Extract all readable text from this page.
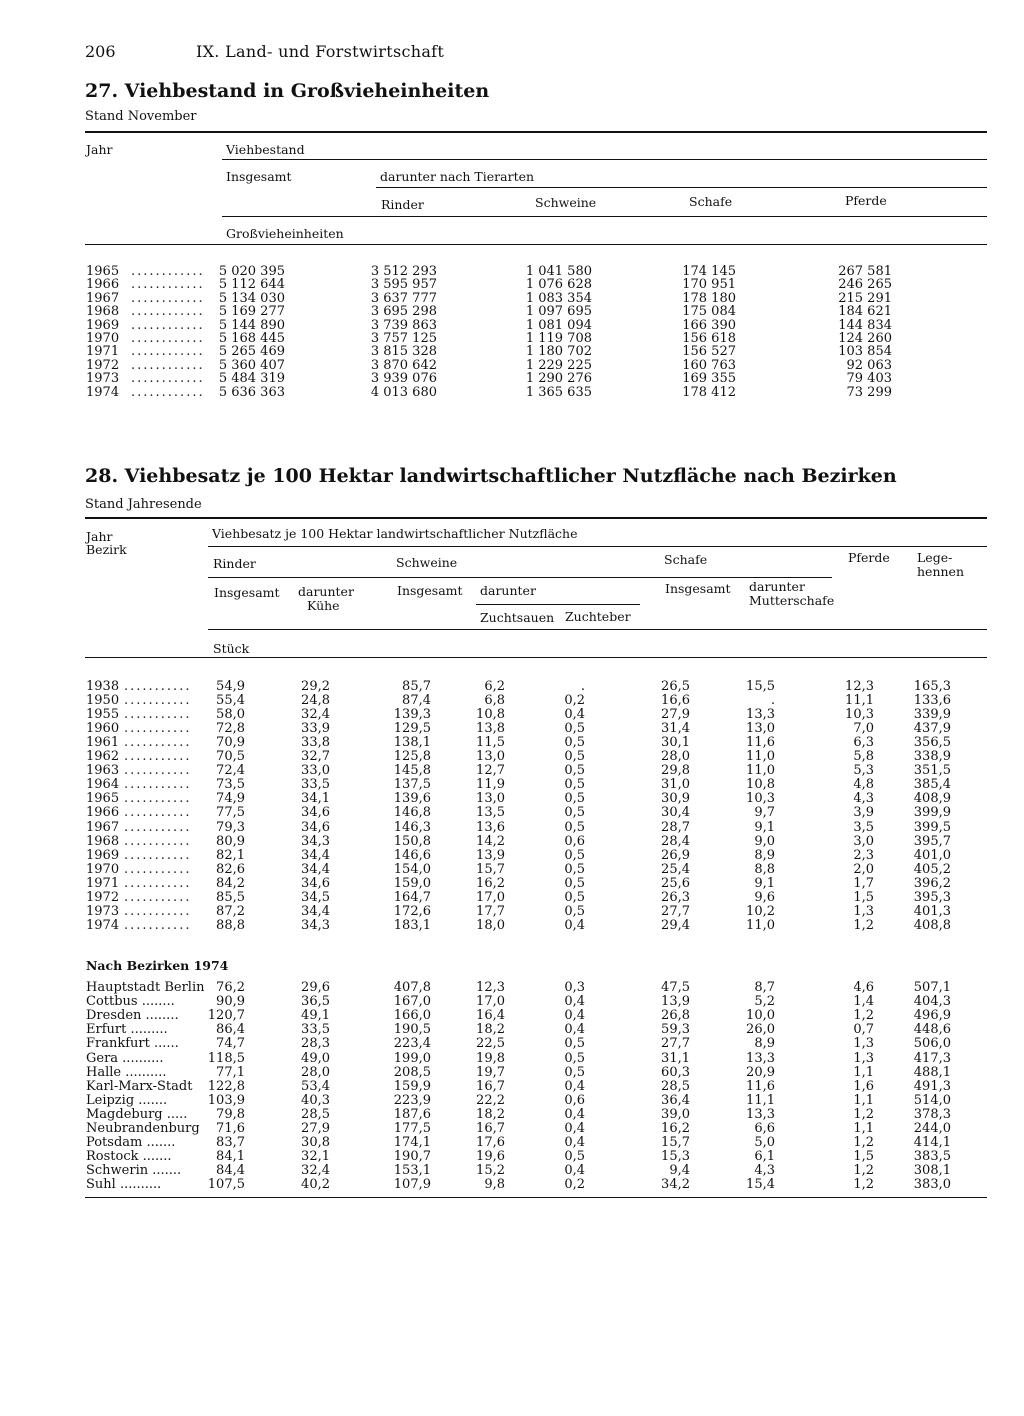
206	IX. Land- und Forstwirtschaft
27. Viehbestand in Großvieheinheiten
Stand November
Jahr	Viehbestand
Insgesamt	darunter nach Tierarten
Rinder	Schweine	Schafe	Pferde
Großvieheinheiten
1965 ............ 5 020 395	3 512 293	1 041 580	174 145	267 581
1966 ............ 5 112 644	3 595 957	1 076 628	170 951	246 265
1967 ............ 5 134 030	3 637 777	1 083 354	178 180	215 291
1968 ............ 5 169 277	3 695 298	1 097 695	175 084	184 621
1969 ............ 5 144 890	3 739 863	1 081 094	166 390	144 834
1970 ............ 5 168 445	3 757 125	1 119 708	156 618	124 260
1971 ............ 5 265 469	3 815 328	1 180 702	156 527	103 854
1972 ............ 5 360 407	3 870 642	1 229 225	160 763	92 063
1973 ............ 5 484 319	3 939 076	1 290 276	169 355	79 403
1974 ............ 5 636 363	4 013 680	1 365 635	178 412	73 299
28. Viehbesatz je 100 Hektar landwirtschaftlicher Nutzfläche nach Bezirken
Stand Jahresende
Jahr
Bezirk
Viehbesatz je 100 Hektar landwirtschaftlicher Nutzfläche
Rinder	Schweine	Schafe	Pferde Lege-
hennen
Insgesamt darunter
Kühe
Insgesamt darunter	Insgesamt darunter
Mutterschafe
Zuchtsauen Zuchteber
Stück
1938 ........... 54,9	29,2	85,7	6,2	.	26,5	15,5	12,3	165,3
1950 ........... 55,4	24,8	87,4	6,8	0,2	16,6	.	11,1	133,6
1955 ........... 58,0	32,4	139,3	10,8	0,4	27,9	13,3	10,3	339,9
1960 ........... 72,8	33,9	129,5	13,8	0,5	31,4	13,0	7,0	437,9
1961 ........... 70,9	33,8	138,1	11,5	0,5	30,1	11,6	6,3	356,5
1962 ........... 70,5	32,7	125,8	13,0	0,5	28,0	11,0	5,8	338,9
1963 ........... 72,4	33,0	145,8	12,7	0,5	29,8	11,0	5,3	351,5
1964 ........... 73,5	33,5	137,5	11,9	0,5	31,0	10,8	4,8	385,4
1965 ........... 74,9	34,1	139,6	13,0	0,5	30,9	10,3	4,3	408,9
1966 ........... 77,5	34,6	146,8	13,5	0,5	30,4	9,7	3,9	399,9
1967 ........... 79,3	34,6	146,3	13,6	0,5	28,7	9,1	3,5	399,5
1968 ........... 80,9	34,3	150,8	14,2	0,6	28,4	9,0	3,0	395,7
1969 ........... 82,1	34,4	146,6	13,9	0,5	26,9	8,9	2,3	401,0
1970 ........... 82,6	34,4	154,0	15,7	0,5	25,4	8,8	2,0	405,2
1971 ........... 84,2	34,6	159,0	16,2	0,5	25,6	9,1	1,7	396,2
1972 ........... 85,5	34,5	164,7	17,0	0,5	26,3	9,6	1,5	395,3
1973 ........... 87,2	34,4	172,6	17,7	0,5	27,7	10,2	1,3	401,3
1974 ........... 88,8	34,3	183,1	18,0	0,4	29,4	11,0	1,2	408,8
Nach Bezirken 1974
Hauptstadt Berlin 76,2	29,6	407,8	12,3	0,3	47,5	8,7	4,6	507,1
Cottbus ........	90,9	36,5	167,0	17,0	0,4	13,9	5,2	1,4	404,3
Dresden ........ 120,7	49,1	166,0	16,4	0,4	26,8	10,0	1,2	496,9
Erfurt .........	86,4	33,5	190,5	18,2	0,4	59,3	26,0	0,7	448,6
Frankfurt ......	74,7	28,3	223,4	22,5	0,5	27,7	8,9	1,3	506,0
Gera ..........	118,5	49,0	199,0	19,8	0,5	31,1	13,3	1,3	417,3
Halle ..........	77,1	28,0	208,5	19,7	0,5	60,3	20,9	1,1	488,1
Karl-Marx-Stadt 122,8	53,4	159,9	16,7	0,4	28,5	11,6	1,6	491,3
Leipzig .......	103,9	40,3	223,9	22,2	0,6	36,4	11,1	1,1	514,0
Magdeburg ..... 79,8	28,5	187,6	18,2	0,4	39,0	13,3	1,2	378,3
Neubrandenburg 71,6	27,9	177,5	16,7	0,4	16,2	6,6	1,1	244,0
Potsdam .......	83,7	30,8	174,1	17,6	0,4	15,7	5,0	1,2	414,1
Rostock .......	84,1	32,1	190,7	19,6	0,5	15,3	6,1	1,5	383,5
Schwerin .......	84,4	32,4	153,1	15,2	0,4	9,4	4,3	1,2	308,1
Suhl ..........	107,5	40,2	107,9	9,8	0,2	34,2	15,4	1,2	383,0
